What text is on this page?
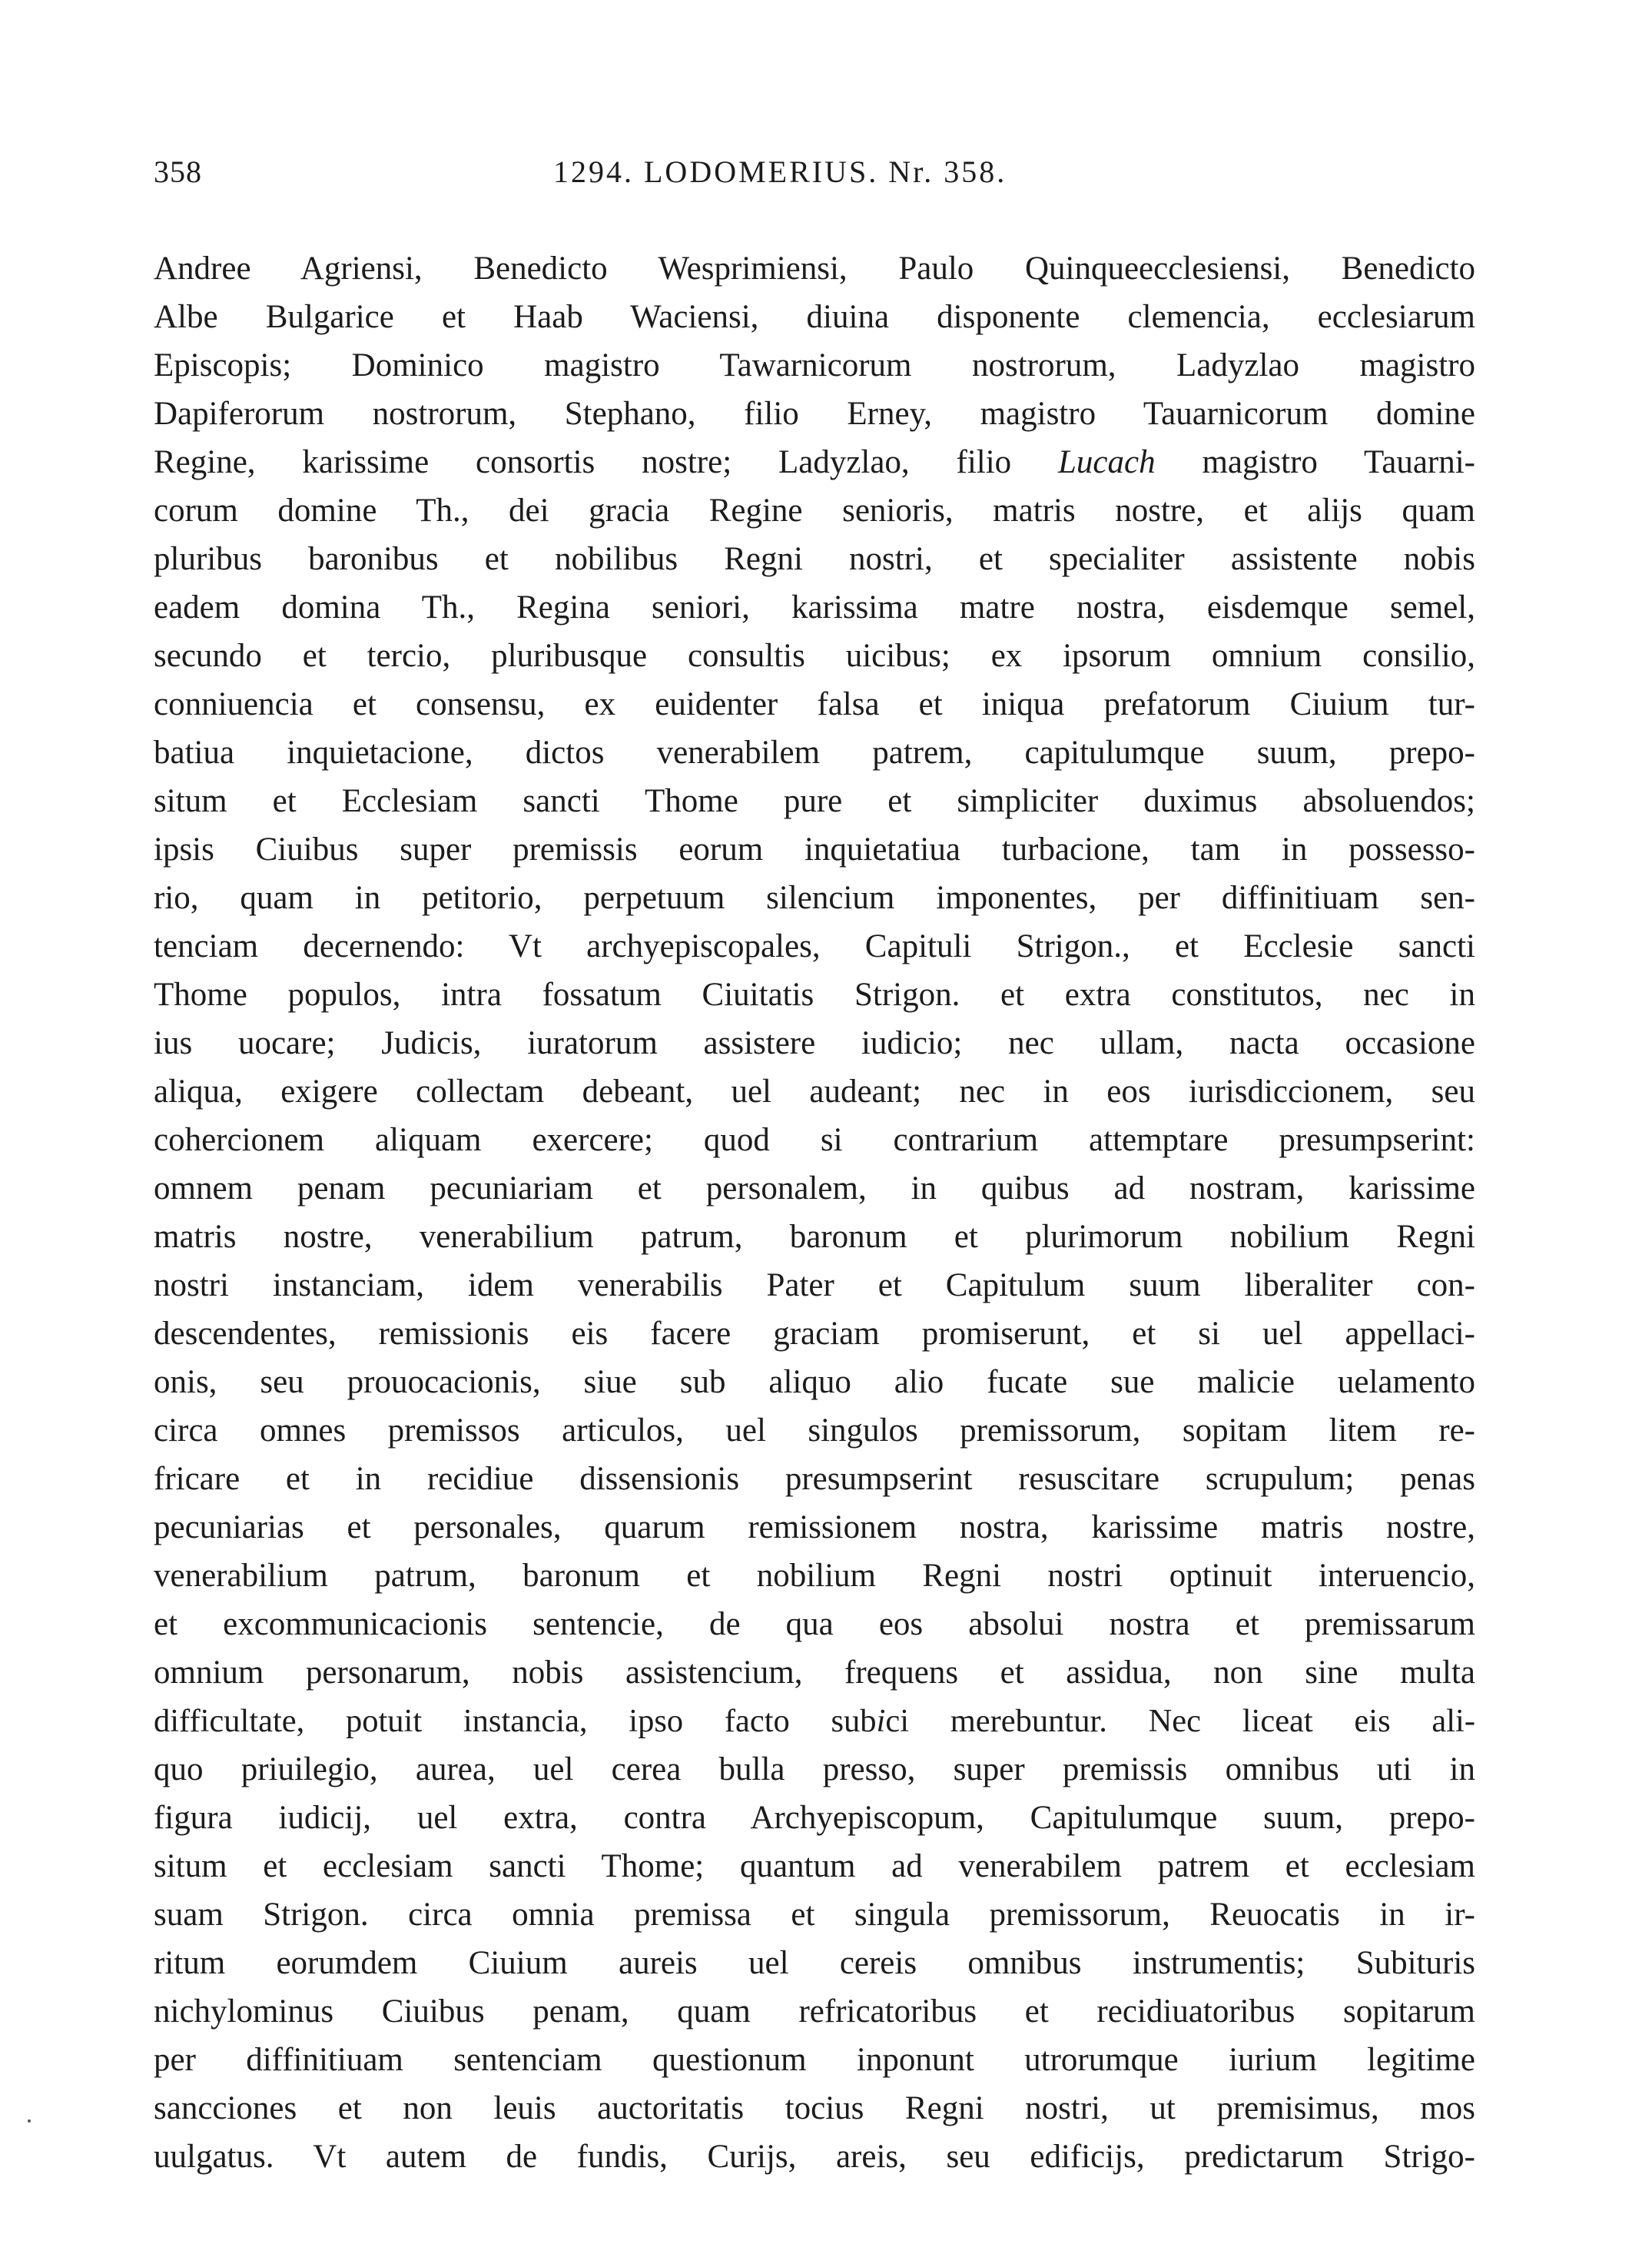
358	1294. LODOMERIUS. Nr. 358.
Andree Agriensi, Benedicto Wesprimiensi, Paulo Quinqueecclesiensi, Benedicto
Albe Bulgarice et Haab Waciensi, diuina disponente clemencia, ecclesiarum
Episcopis; Dominico magistro Tawarnicorum nostrorum, Ladyzlao magistro
Dapiferorum nostrorum, Stephano, filio Erney, magistro Tauarnicorum domine
Regine, karissime consortis nostre; Ladyzlao, filio Lucach magistro Tauarni-
corum domine Th., dei gracia Regine senioris, matris nostre, et alijs quam
pluribus baronibus et nobilibus Regni nostri, et specialiter assistente nobis
eadem domina Th., Regina seniori, karissima matre nostra, eisdemque semel,
secundo et tercio, pluribusque consultis uicibus; ex ipsorum omnium consilio,
conniuencia et consensu, ex euidenter falsa et iniqua prefatorum Ciuium tur-
batiua inquietacione, dictos venerabilem patrem, capitulumque suum, prepo-
situm et Ecclesiam sancti Thome pure et simpliciter duximus absoluendos;
ipsis Ciuibus super premissis eorum inquietatiua turbacione, tam in possesso-
rio, quam in petitorio, perpetuum silencium imponentes, per diffinitiuam sen-
tenciam decernendo: Vt archyepiscopales, Capituli Strigon., et Ecclesie sancti
Thome populos, intra fossatum Ciuitatis Strigon. et extra constitutos, nec in
ius uocare; Judicis, iuratorum assistere iudicio; nec ullam, nacta occasione
aliqua, exigere collectam debeant, uel audeant; nec in eos iurisdiccionem, seu
cohercionem aliquam exercere; quod si contrarium attemptare presumpserint:
omnem penam pecuniariam et personalem, in quibus ad nostram, karissime
matris nostre, venerabilium patrum, baronum et plurimorum nobilium Regni
nostri instanciam, idem venerabilis Pater et Capitulum suum liberaliter con-
descendentes, remissionis eis facere graciam promiserunt, et si uel appellaci-
onis, seu prouocacionis, siue sub aliquo alio fucate sue malicie uelamento
circa omnes premissos articulos, uel singulos premissorum, sopitam litem re-
fricare et in recidiue dissensionis presumpserint resuscitare scrupulum; penas
pecuniarias et personales, quarum remissionem nostra, karissime matris nostre,
venerabilium patrum, baronum et nobilium Regni nostri optinuit interuencio,
et excommunicacionis sentencie, de qua eos absolui nostra et premissarum
omnium personarum, nobis assistencium, frequens et assidua, non sine multa
difficultate, potuit instancia, ipso facto subici merebuntur. Nec liceat eis ali-
quo priuilegio, aurea, uel cerea bulla presso, super premissis omnibus uti in
figura iudicij, uel extra, contra Archyepiscopum, Capitulumque suum, prepo-
situm et ecclesiam sancti Thome; quantum ad venerabilem patrem et ecclesiam
suam Strigon. circa omnia premissa et singula premissorum, Reuocatis in ir-
ritum eorumdem Ciuium aureis uel cereis omnibus instrumentis; Subituris
nichylominus Ciuibus penam, quam refricatoribus et recidiuatoribus sopitarum
per diffinitiuam sentenciam questionum inponunt utrorumque iurium legitime
sancciones et non leuis auctoritatis tocius Regni nostri, ut premisimus, mos
uulgatus. Vt autem de fundis, Curijs, areis, seu edificijs, predictarum Strigo-
